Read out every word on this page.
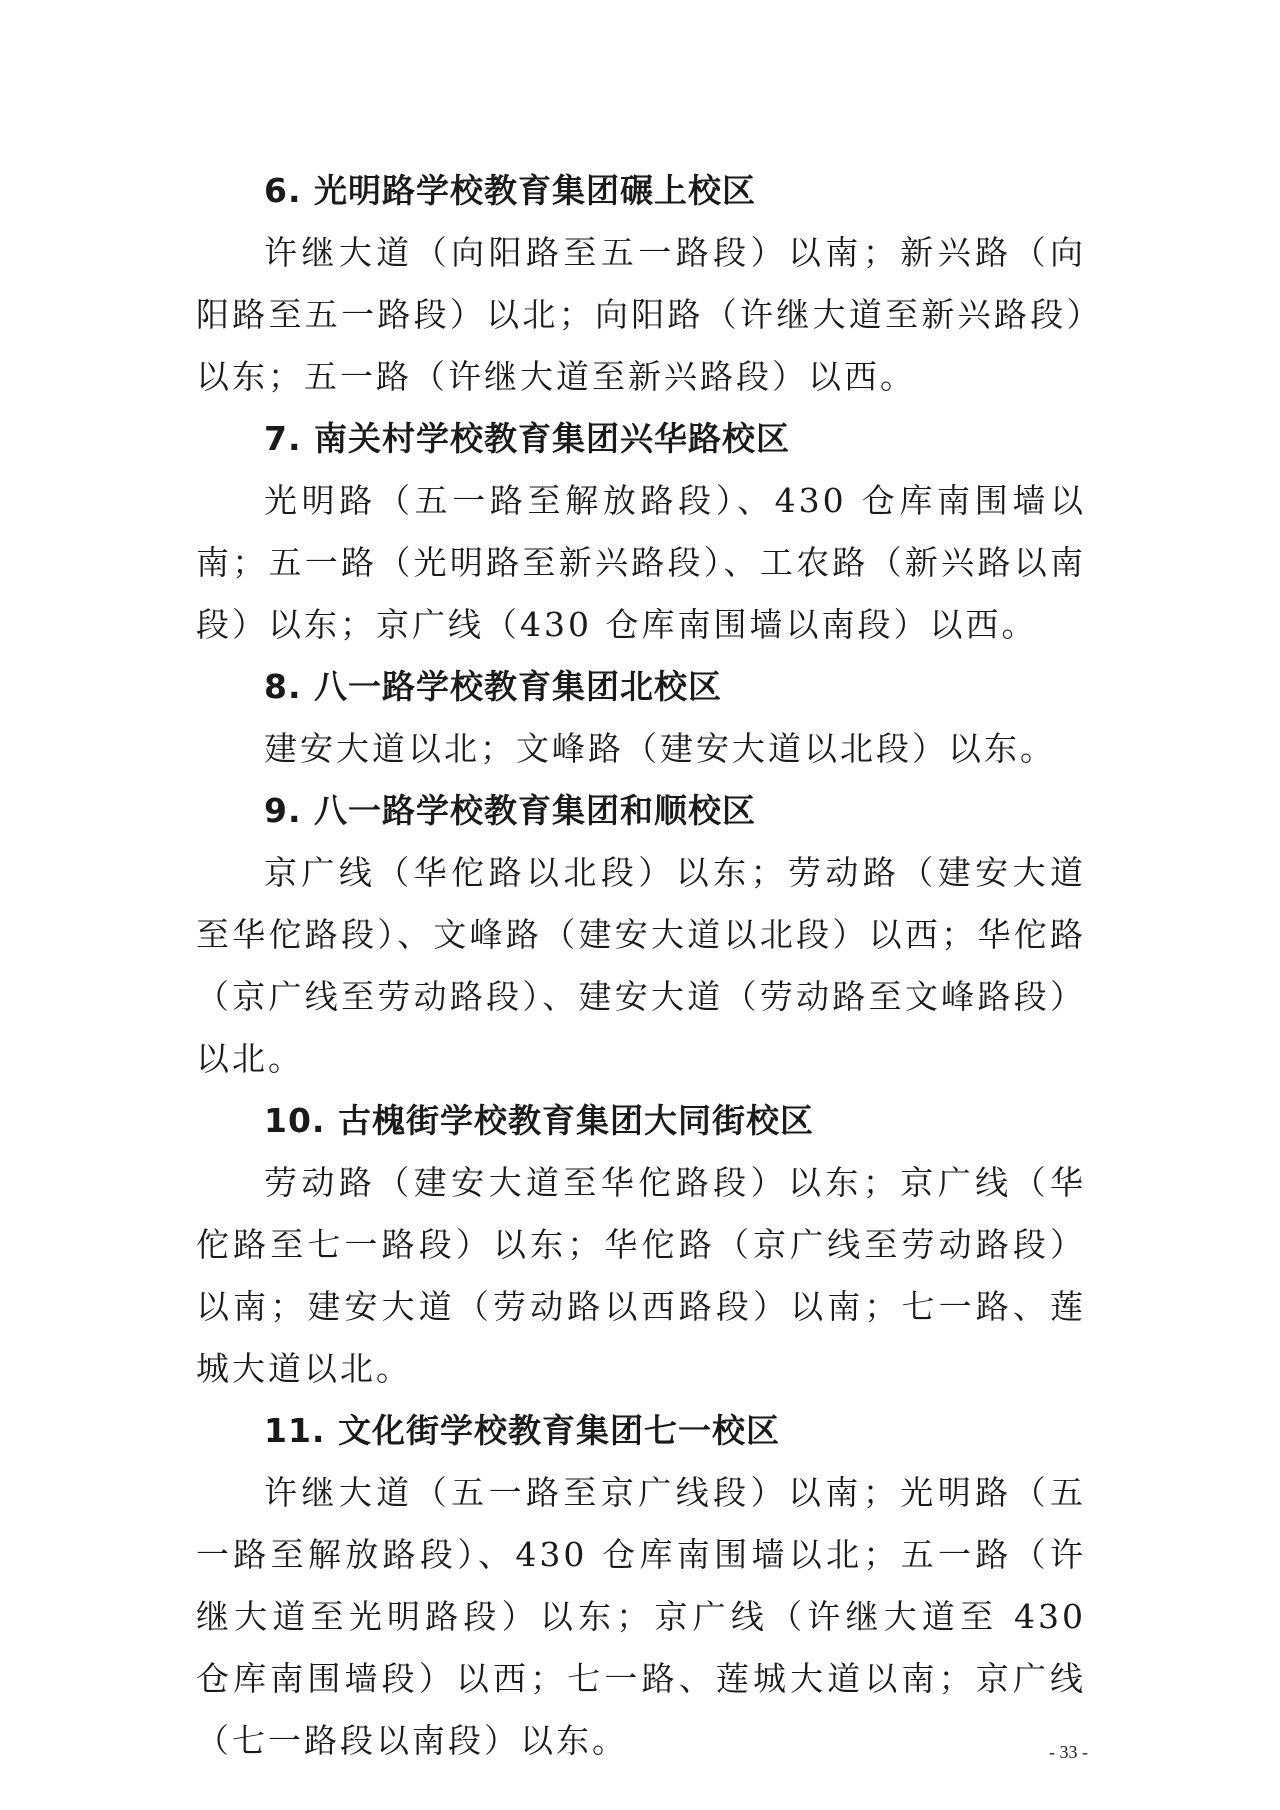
6. 光明路学校教育集团碾上校区
许继大道（向阳路至五一路段）以南；新兴路（向阳路至五一路段）以北；向阳路（许继大道至新兴路段）以东；五一路（许继大道至新兴路段）以西。
7. 南关村学校教育集团兴华路校区
光明路（五一路至解放路段）、430 仓库南围墙以南；五一路（光明路至新兴路段）、工农路（新兴路以南段）以东；京广线（430 仓库南围墙以南段）以西。
8. 八一路学校教育集团北校区
建安大道以北；文峰路（建安大道以北段）以东。
9. 八一路学校教育集团和顺校区
京广线（华佗路以北段）以东；劳动路（建安大道至华佗路段）、文峰路（建安大道以北段）以西；华佗路（京广线至劳动路段）、建安大道（劳动路至文峰路段）以北。
10. 古槐街学校教育集团大同街校区
劳动路（建安大道至华佗路段）以东；京广线（华佗路至七一路段）以东；华佗路（京广线至劳动路段）以南；建安大道（劳动路以西路段）以南；七一路、莲城大道以北。
11. 文化街学校教育集团七一校区
许继大道（五一路至京广线段）以南；光明路（五一路至解放路段）、430 仓库南围墙以北；五一路（许继大道至光明路段）以东；京广线（许继大道至 430 仓库南围墙段）以西；七一路、莲城大道以南；京广线（七一路段以南段）以东。	- 33 -
